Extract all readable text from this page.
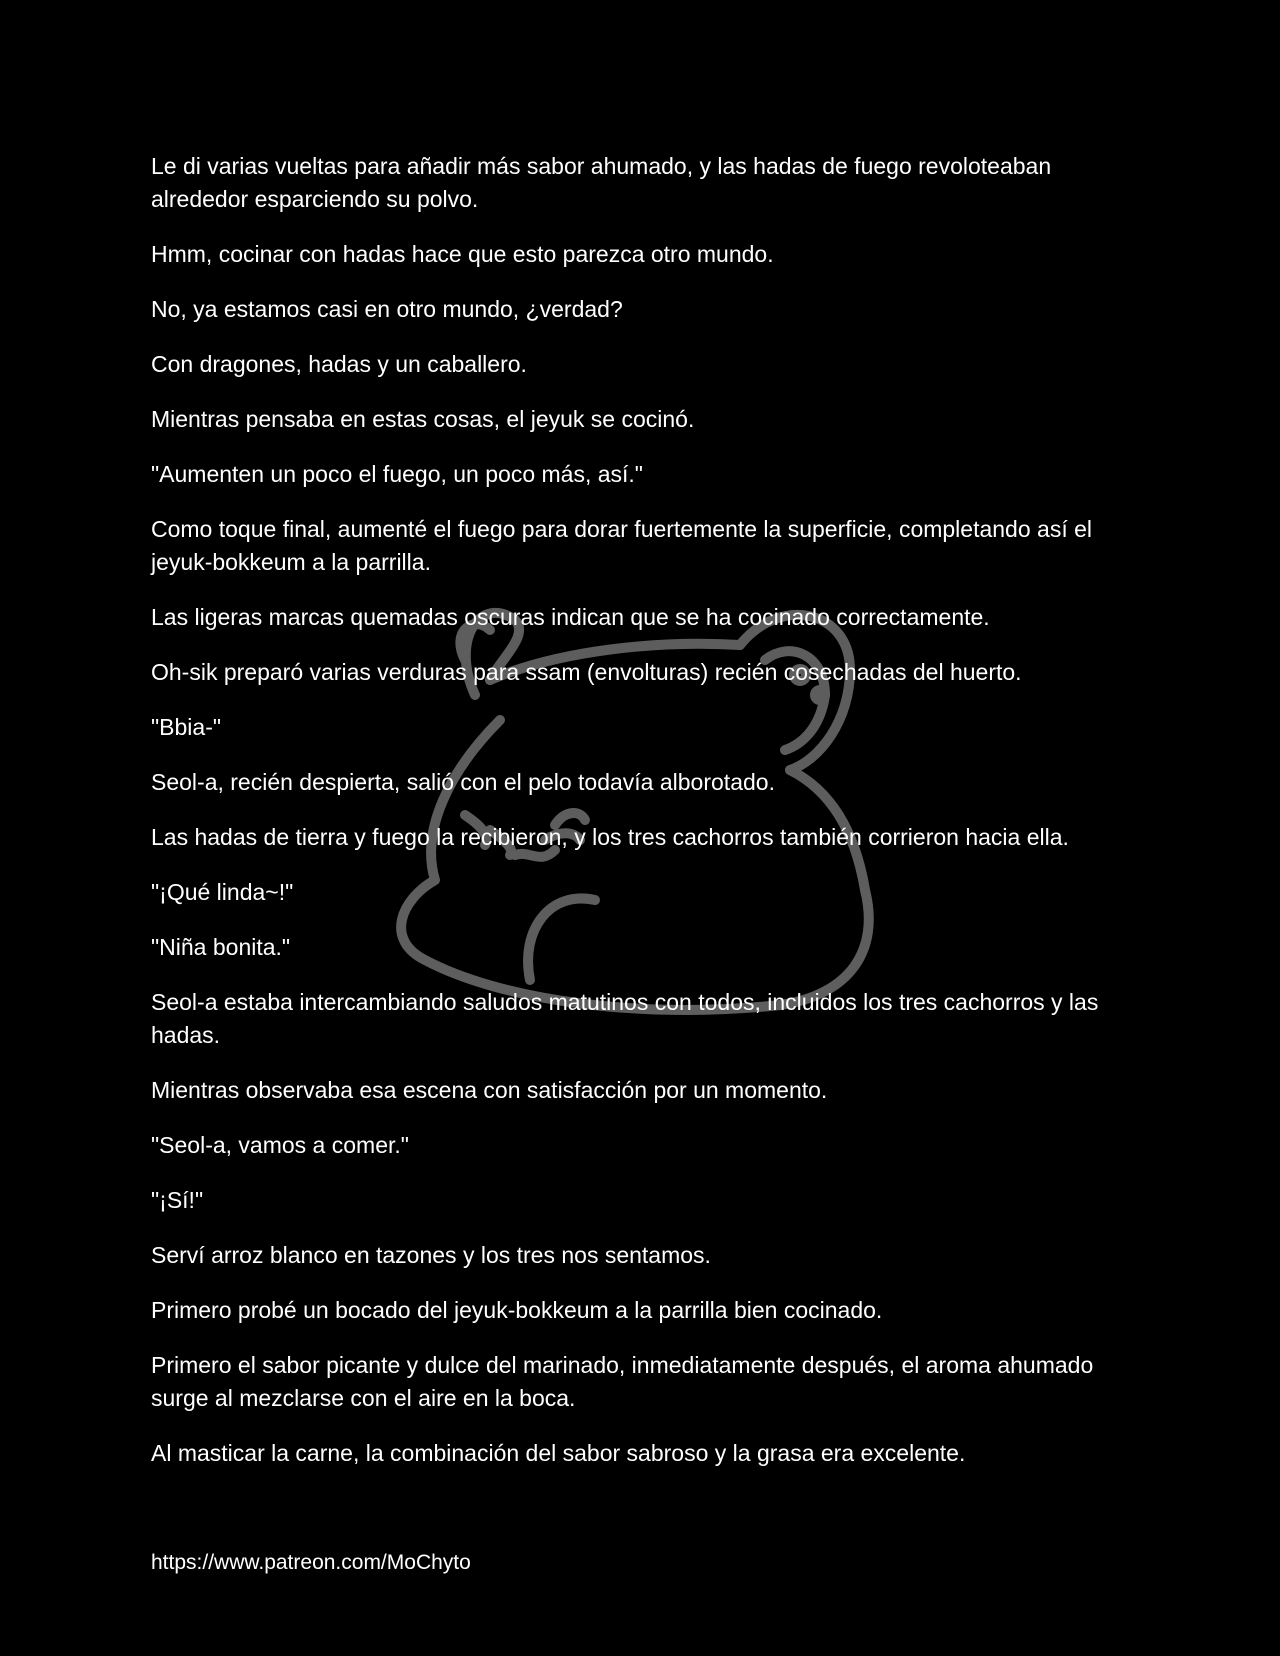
Le di varias vueltas para añadir más sabor ahumado, y las hadas de fuego revoloteaban alrededor esparciendo su polvo.

Hmm, cocinar con hadas hace que esto parezca otro mundo.

No, ya estamos casi en otro mundo, ¿verdad?

Con dragones, hadas y un caballero.

Mientras pensaba en estas cosas, el jeyuk se cocinó.

"Aumenten un poco el fuego, un poco más, así."

Como toque final, aumenté el fuego para dorar fuertemente la superficie, completando así el jeyuk-bokkeum a la parrilla.

Las ligeras marcas quemadas oscuras indican que se ha cocinado correctamente.

Oh-sik preparó varias verduras para ssam (envolturas) recién cosechadas del huerto.

"Bbia-"

Seol-a, recién despierta, salió con el pelo todavía alborotado.

Las hadas de tierra y fuego la recibieron, y los tres cachorros también corrieron hacia ella.

"¡Qué linda~!"

"Niña bonita."

Seol-a estaba intercambiando saludos matutinos con todos, incluidos los tres cachorros y las hadas.

Mientras observaba esa escena con satisfacción por un momento.

"Seol-a, vamos a comer."

"¡Sí!"

Serví arroz blanco en tazones y los tres nos sentamos.

Primero probé un bocado del jeyuk-bokkeum a la parrilla bien cocinado.

Primero el sabor picante y dulce del marinado, inmediatamente después, el aroma ahumado surge al mezclarse con el aire en la boca.

Al masticar la carne, la combinación del sabor sabroso y la grasa era excelente.

https://www.patreon.com/MoChyto
